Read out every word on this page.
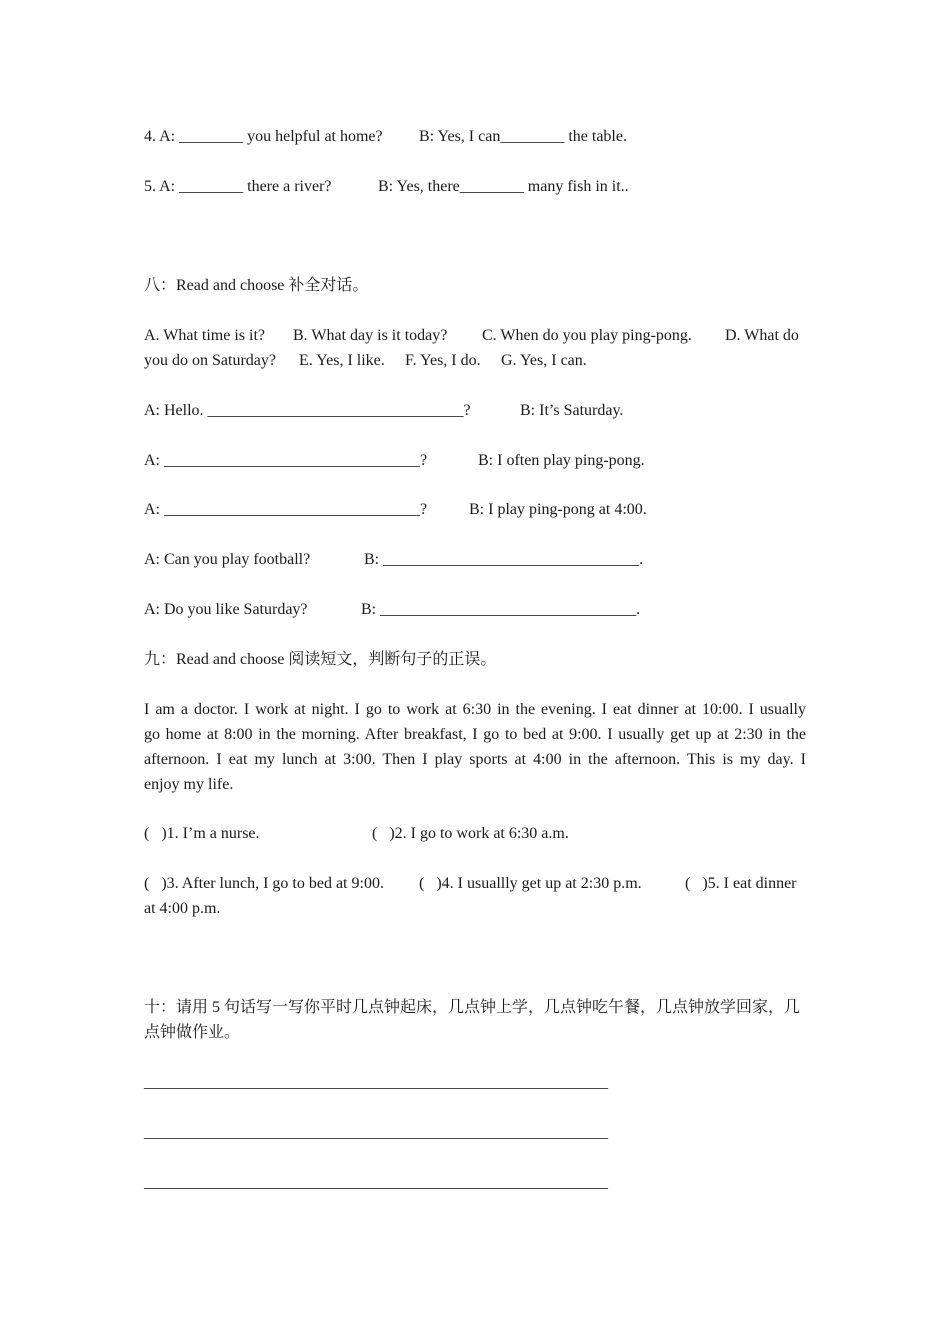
4. A: ________ you helpful at home?

B: Yes, I can________ the table.

5. A: ________ there a river?

	B: Yes, there________ many fish in it..

八：Read and choose 补全对话。

A. What time is it?

B. What day is it today?

C. When do you play ping-pong.

D. What do

you do on Saturday?

E. Yes, I like.

F. Yes, I do.

G. Yes, I can.

A: Hello. ________________________________?

	B: It’s Saturday.

A: ________________________________?

	B: I often play ping-pong.

A: ________________________________?

	B: I play ping-pong at 4:00.

A: Can you play football?

	B: ________________________________.

A: Do you like Saturday?

	B: ________________________________.

九：Read and choose 阅读短文，判断句子的正误。
I am a doctor. I work at night. I go to work at 6:30 in the evening. I eat dinner at 10:00. I usually
go home at 8:00 in the morning. After breakfast, I go to bed at 9:00. I usually get up at 2:30 in the
afternoon. I eat my lunch at 3:00. Then I play sports at 4:00 in the afternoon. This is my day. I
enjoy my life.

(   )1. I’m a nurse.

	(   )2. I go to work at 6:30 a.m.

(   )3. After lunch, I go to bed at 9:00.

(   )4. I usuallly get up at 2:30 p.m.

	(   )5. I eat dinner

at 4:00 p.m.

十：请用 5 句话写一写你平时几点钟起床，几点钟上学，几点钟吃午餐，几点钟放学回家，几
点钟做作业。
__________________________________________________________
__________________________________________________________
__________________________________________________________
